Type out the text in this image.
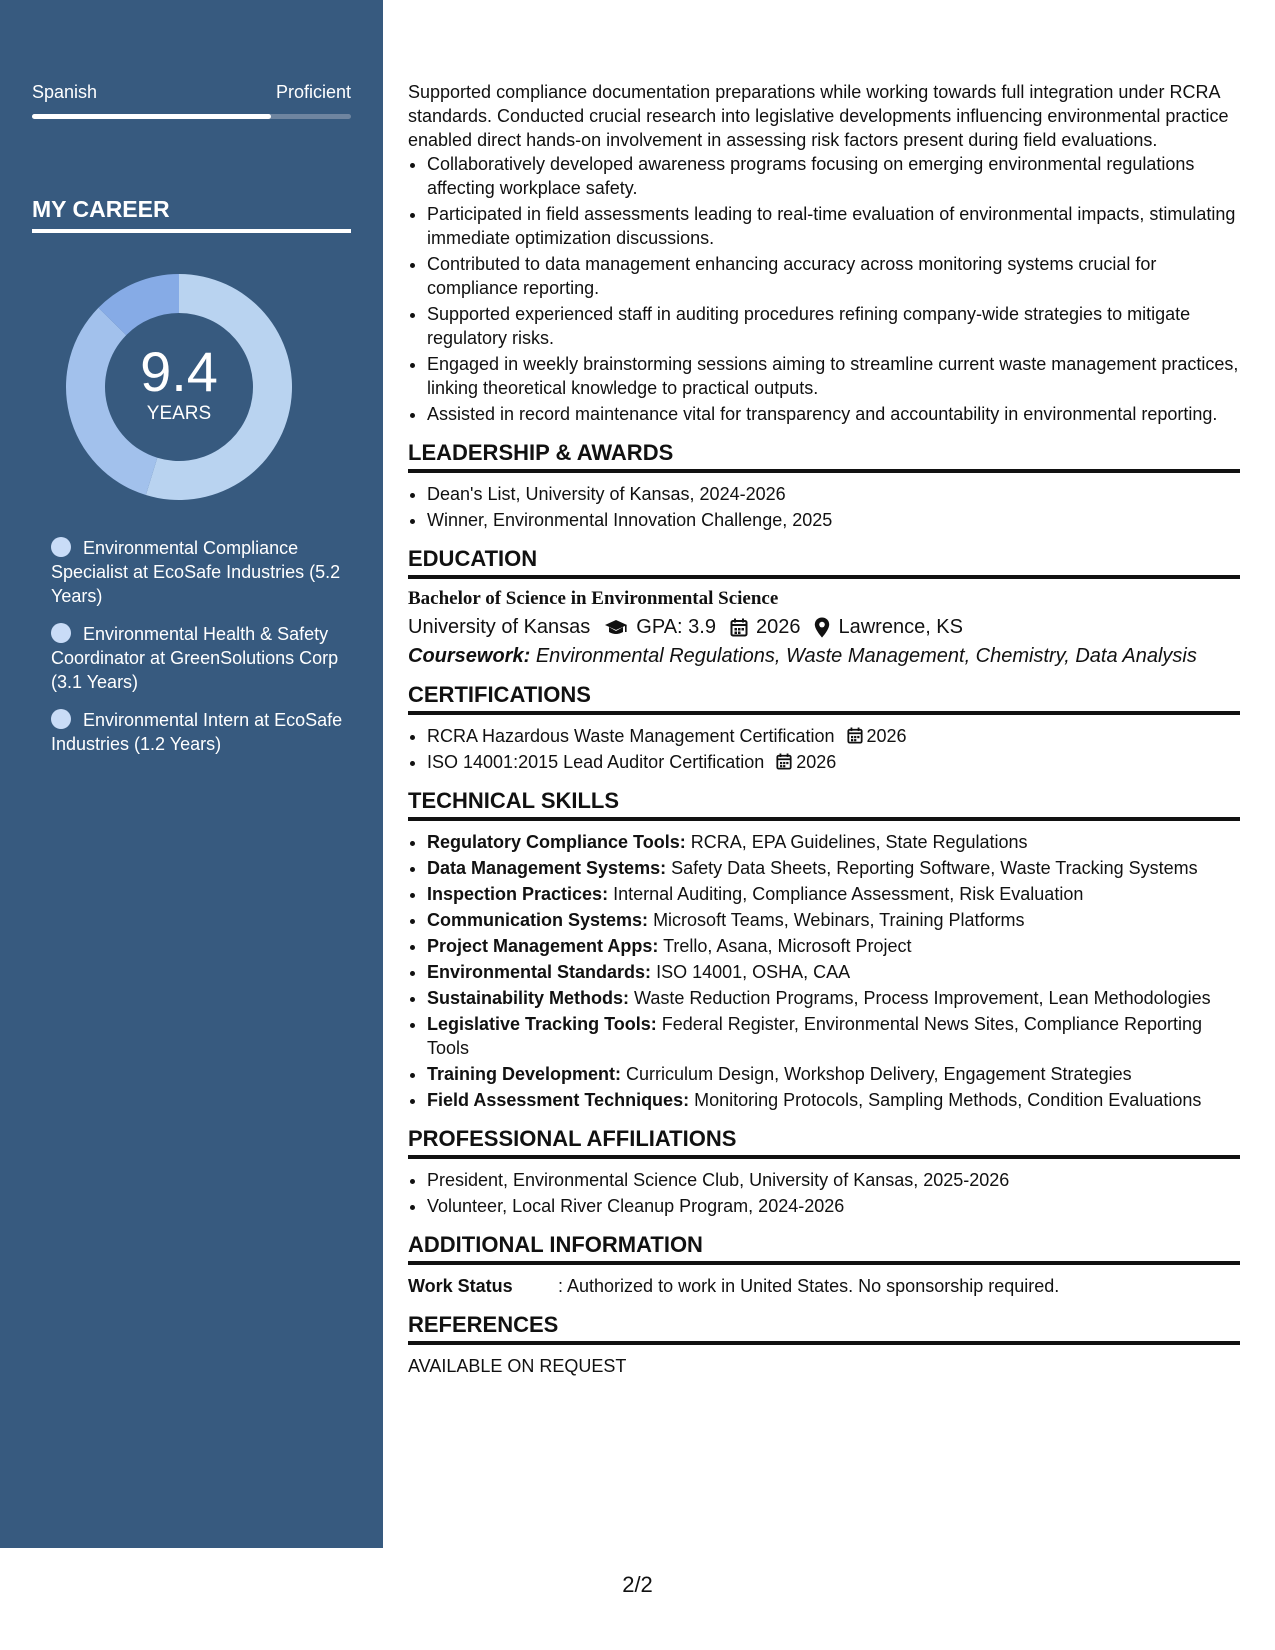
Spanish	Proficient
MY CAREER
9.4
YEARS
Environmental Compliance Specialist at EcoSafe Industries (5.2 Years)
Environmental Health & Safety Coordinator at GreenSolutions Corp (3.1 Years)
Environmental Intern at EcoSafe Industries (1.2 Years)

Supported compliance documentation preparations while working towards full integration under RCRA standards. Conducted crucial research into legislative developments influencing environmental practice enabled direct hands-on involvement in assessing risk factors present during field evaluations.

• Collaboratively developed awareness programs focusing on emerging environmental regulations affecting workplace safety.
• Participated in field assessments leading to real-time evaluation of environmental impacts, stimulating immediate optimization discussions.
• Contributed to data management enhancing accuracy across monitoring systems crucial for compliance reporting.
• Supported experienced staff in auditing procedures refining company-wide strategies to mitigate regulatory risks.
• Engaged in weekly brainstorming sessions aiming to streamline current waste management practices, linking theoretical knowledge to practical outputs.
• Assisted in record maintenance vital for transparency and accountability in environmental reporting.
LEADERSHIP & AWARDS
• Dean's List, University of Kansas, 2024-2026
• Winner, Environmental Innovation Challenge, 2025
EDUCATION
Bachelor of Science in Environmental Science
University of Kansas GPA: 3.9 2026 Lawrence, KS
Coursework: Environmental Regulations, Waste Management, Chemistry, Data Analysis
CERTIFICATIONS
• RCRA Hazardous Waste Management Certification 2026
• ISO 14001:2015 Lead Auditor Certification 2026
TECHNICAL SKILLS
• Regulatory Compliance Tools: RCRA, EPA Guidelines, State Regulations
• Data Management Systems: Safety Data Sheets, Reporting Software, Waste Tracking Systems
• Inspection Practices: Internal Auditing, Compliance Assessment, Risk Evaluation
• Communication Systems: Microsoft Teams, Webinars, Training Platforms
• Project Management Apps: Trello, Asana, Microsoft Project
• Environmental Standards: ISO 14001, OSHA, CAA
• Sustainability Methods: Waste Reduction Programs, Process Improvement, Lean Methodologies
• Legislative Tracking Tools: Federal Register, Environmental News Sites, Compliance Reporting Tools
• Training Development: Curriculum Design, Workshop Delivery, Engagement Strategies
• Field Assessment Techniques: Monitoring Protocols, Sampling Methods, Condition Evaluations
PROFESSIONAL AFFILIATIONS
• President, Environmental Science Club, University of Kansas, 2025-2026
• Volunteer, Local River Cleanup Program, 2024-2026
ADDITIONAL INFORMATION
Work Status	: Authorized to work in United States. No sponsorship required.
REFERENCES
AVAILABLE ON REQUEST
2/2
